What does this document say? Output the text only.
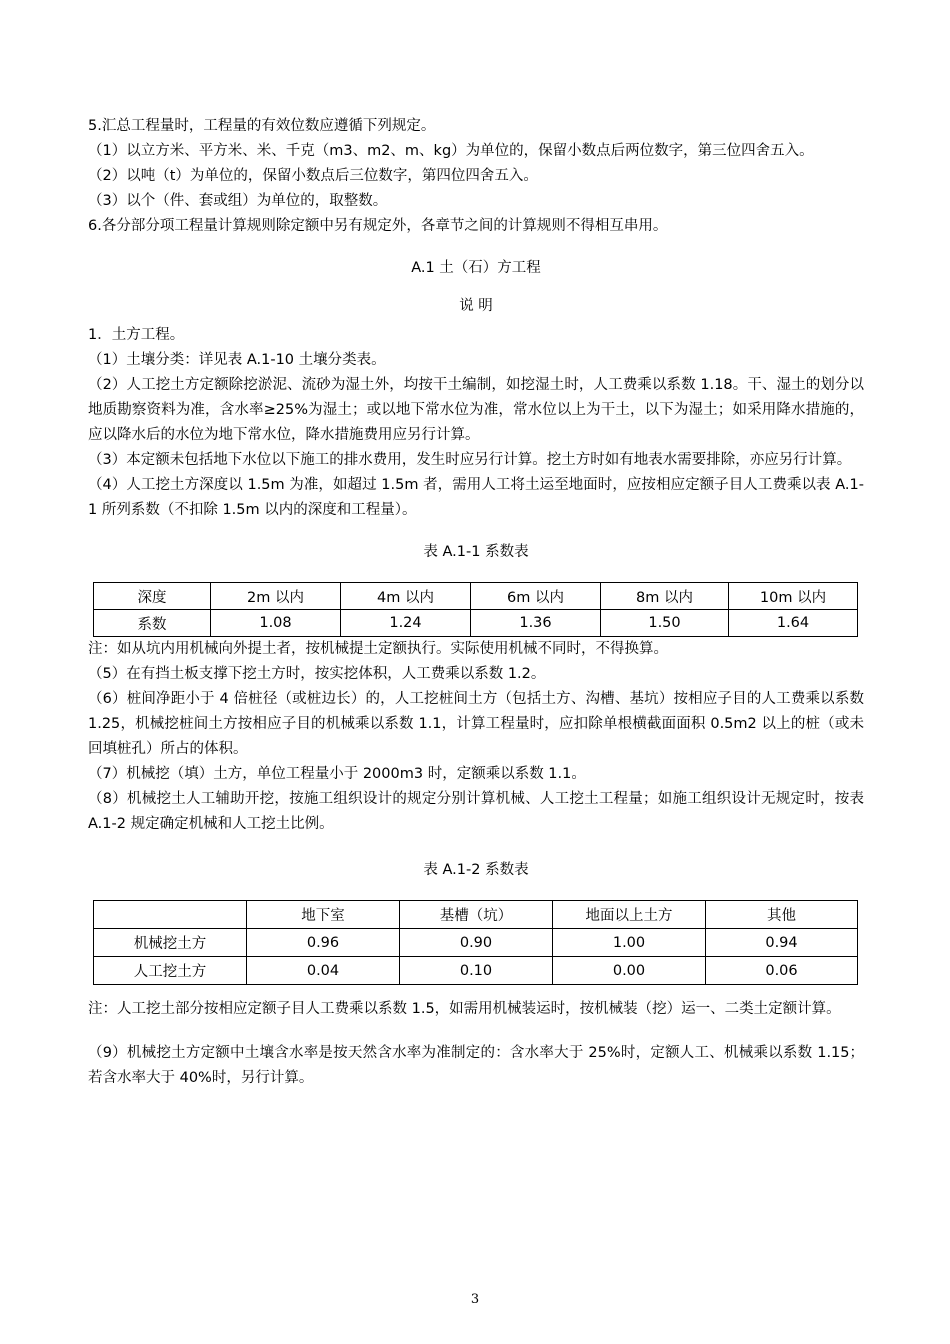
5.汇总工程量时，工程量的有效位数应遵循下列规定。

（1）以立方米、平方米、米、千克（m3、m2、m、kg）为单位的，保留小数点后两位数字，第三位四舍五入。

（2）以吨（t）为单位的，保留小数点后三位数字，第四位四舍五入。

（3）以个（件、套或组）为单位的，取整数。

6.各分部分项工程量计算规则除定额中另有规定外，各章节之间的计算规则不得相互串用。

A.1 土（石）方工程

说 明

1．土方工程。

（1）土壤分类：详见表 A.1-10 土壤分类表。

（2）人工挖土方定额除挖淤泥、流砂为湿土外，均按干土编制，如挖湿土时，人工费乘以系数 1.18。干、湿土的划分以地质勘察资料为准，含水率≥25%为湿土；或以地下常水位为准，常水位以上为干土，以下为湿土；如采用降水措施的，应以降水后的水位为地下常水位，降水措施费用应另行计算。

（3）本定额未包括地下水位以下施工的排水费用，发生时应另行计算。挖土方时如有地表水需要排除，亦应另行计算。

（4）人工挖土方深度以 1.5m 为准，如超过 1.5m 者，需用人工将土运至地面时，应按相应定额子目人工费乘以表 A.1-1 所列系数（不扣除 1.5m 以内的深度和工程量）。

表 A.1-1 系数表

深度	2m 以内	4m 以内	6m 以内	8m 以内	10m 以内
系数	1.08	1.24	1.36	1.50	1.64

注：如从坑内用机械向外提土者，按机械提土定额执行。实际使用机械不同时，不得换算。

（5）在有挡土板支撑下挖土方时，按实挖体积，人工费乘以系数 1.2。

（6）桩间净距小于 4 倍桩径（或桩边长）的，人工挖桩间土方（包括土方、沟槽、基坑）按相应子目的人工费乘以系数 1.25，机械挖桩间土方按相应子目的机械乘以系数 1.1，计算工程量时，应扣除单根横截面面积 0.5m2 以上的桩（或未回填桩孔）所占的体积。

（7）机械挖（填）土方，单位工程量小于 2000m3 时，定额乘以系数 1.1。

（8）机械挖土人工辅助开挖，按施工组织设计的规定分别计算机械、人工挖土工程量；如施工组织设计无规定时，按表 A.1-2 规定确定机械和人工挖土比例。

表 A.1-2 系数表

	地下室	基槽（坑）	地面以上土方	其他
机械挖土方	0.96	0.90	1.00	0.94
人工挖土方	0.04	0.10	0.00	0.06

注：人工挖土部分按相应定额子目人工费乘以系数 1.5，如需用机械装运时，按机械装（挖）运一、二类土定额计算。

（9）机械挖土方定额中土壤含水率是按天然含水率为准制定的：含水率大于 25%时，定额人工、机械乘以系数 1.15；若含水率大于 40%时，另行计算。

3
